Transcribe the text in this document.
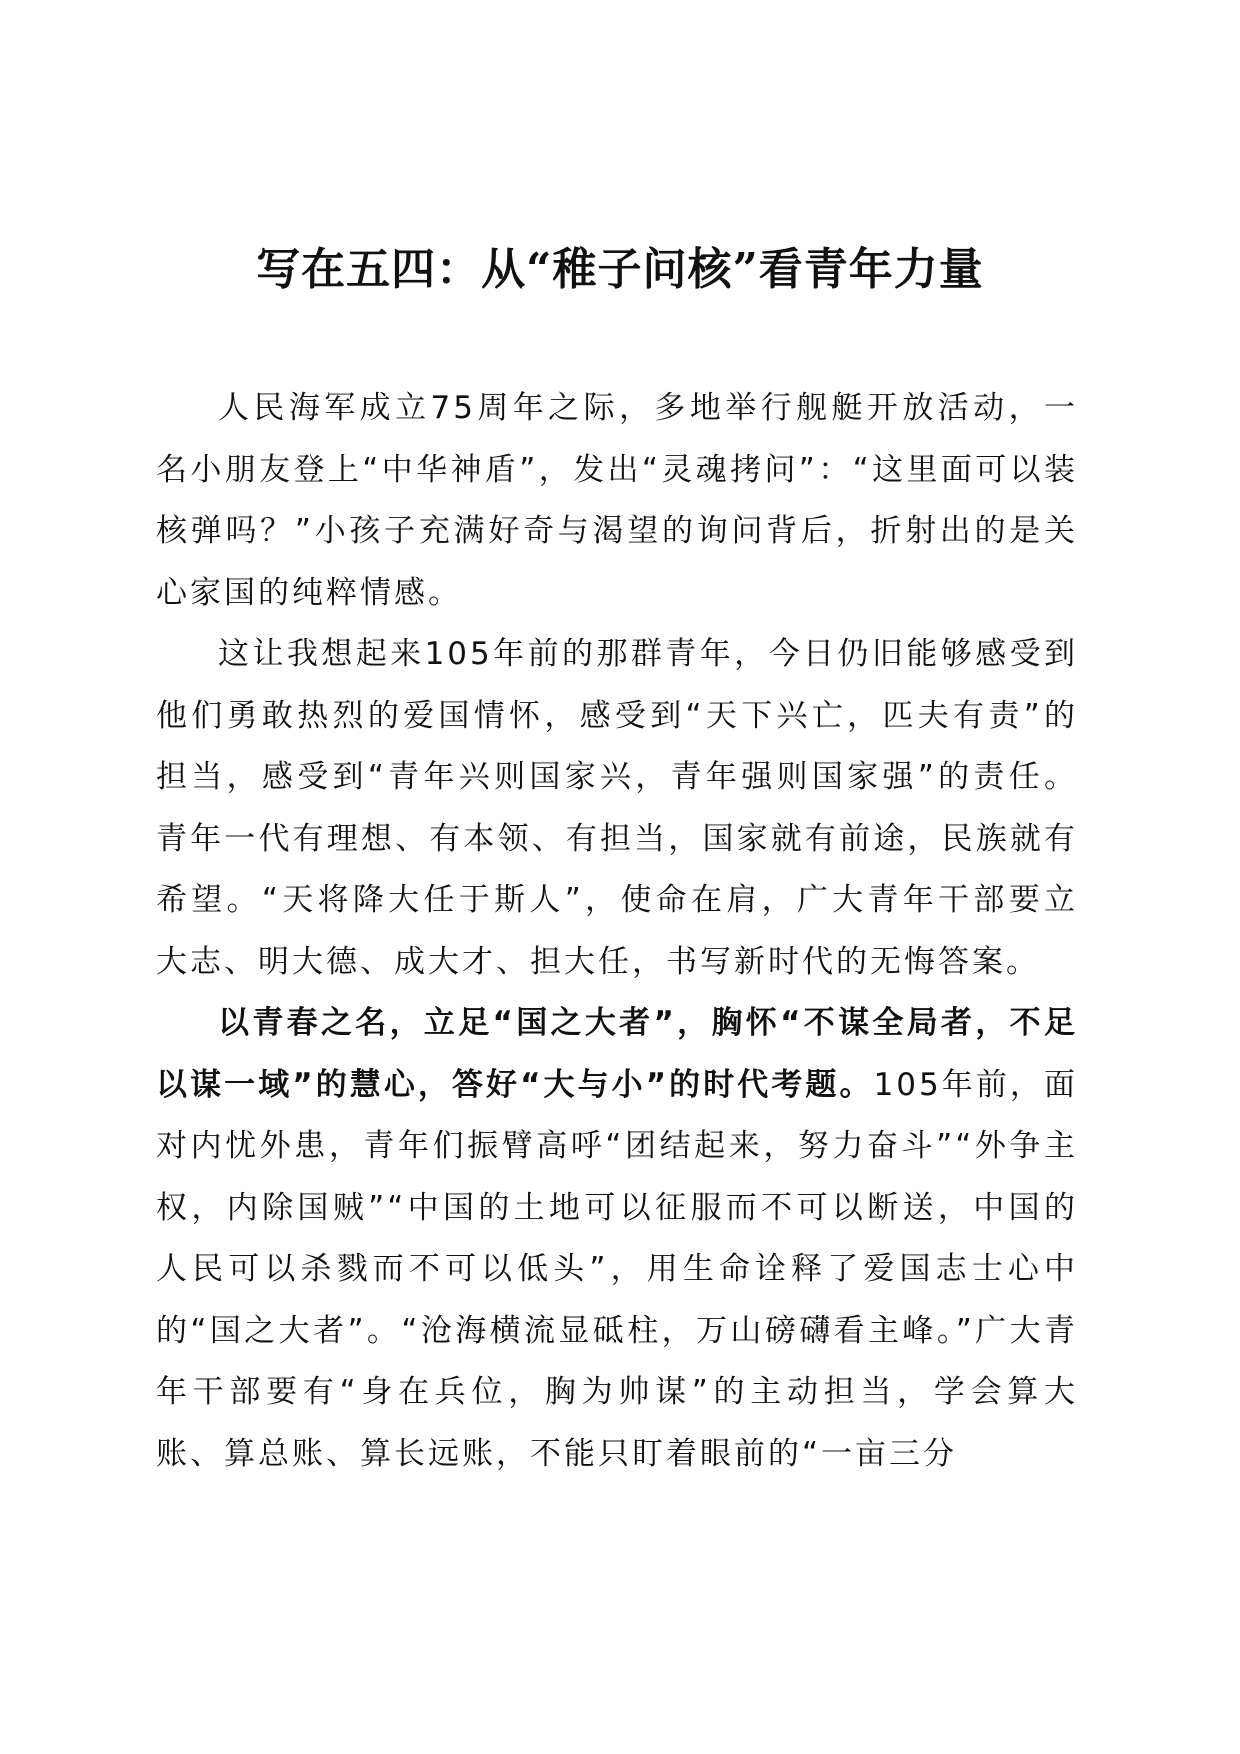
写在五四：从“稚子问核”看青年力量

人民海军成立75周年之际，多地举行舰艇开放活动，一名小朋友登上“中华神盾”，发出“灵魂拷问”：“这里面可以装核弹吗？”小孩子充满好奇与渴望的询问背后，折射出的是关心家国的纯粹情感。

这让我想起来105年前的那群青年，今日仍旧能够感受到他们勇敢热烈的爱国情怀，感受到“天下兴亡，匹夫有责”的担当，感受到“青年兴则国家兴，青年强则国家强”的责任。青年一代有理想、有本领、有担当，国家就有前途，民族就有希望。“天将降大任于斯人”，使命在肩，广大青年干部要立大志、明大德、成大才、担大任，书写新时代的无悔答案。

以青春之名，立足“国之大者”，胸怀“不谋全局者，不足以谋一域”的慧心，答好“大与小”的时代考题。105年前，面对内忧外患，青年们振臂高呼“团结起来，努力奋斗”“外争主权，内除国贼”“中国的土地可以征服而不可以断送，中国的人民可以杀戮而不可以低头”，用生命诠释了爱国志士心中的“国之大者”。“沧海横流显砥柱，万山磅礴看主峰。”广大青年干部要有“身在兵位，胸为帅谋”的主动担当，学会算大账、算总账、算长远账，不能只盯着眼前的“一亩三分
